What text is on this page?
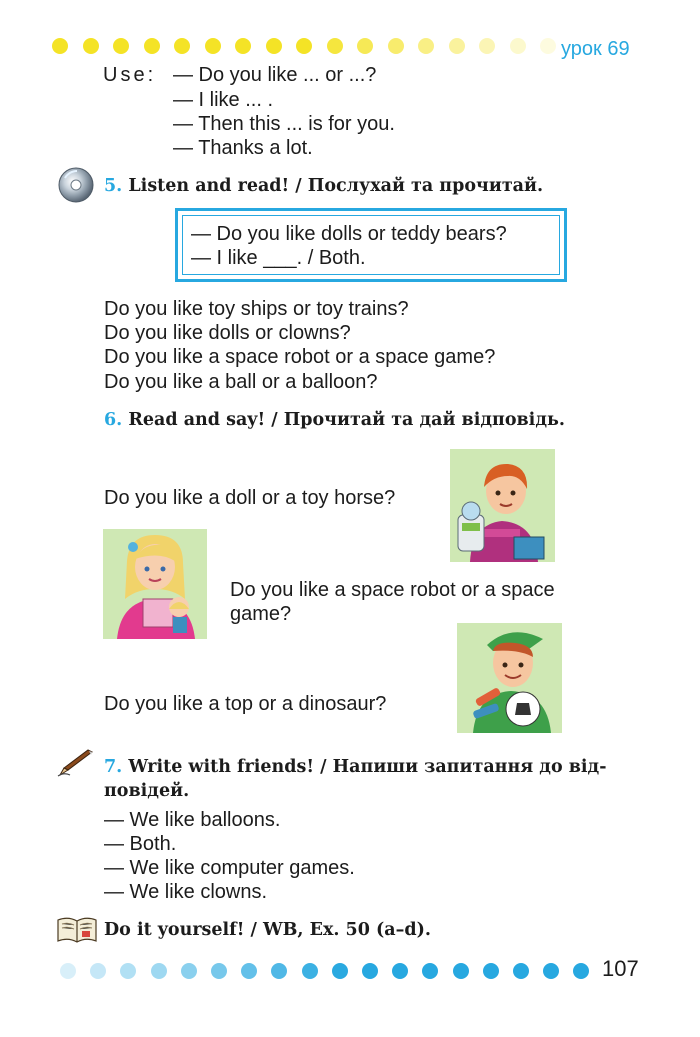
урок 69
Use: — Do you like ... or ...?
— I like ... .
— Then this ... is for you.
— Thanks a lot.
5. Listen and read! / Послухай та прочитай.
— Do you like dolls or teddy bears?
— I like ___. / Both.
Do you like toy ships or toy trains?
Do you like dolls or clowns?
Do you like a space robot or a space game?
Do you like a ball or a balloon?
6. Read and say! / Прочитай та дай відповідь.
Do you like a doll or a toy horse?
Do you like a space robot or a space
game?
Do you like a top or a dinosaur?
7. Write with friends! / Напиши запитання до від-
повідей.
— We like balloons.
— Both.
— We like computer games.
— We like clowns.
Do it yourself! / WB, Ex. 50 (a–d).
107
